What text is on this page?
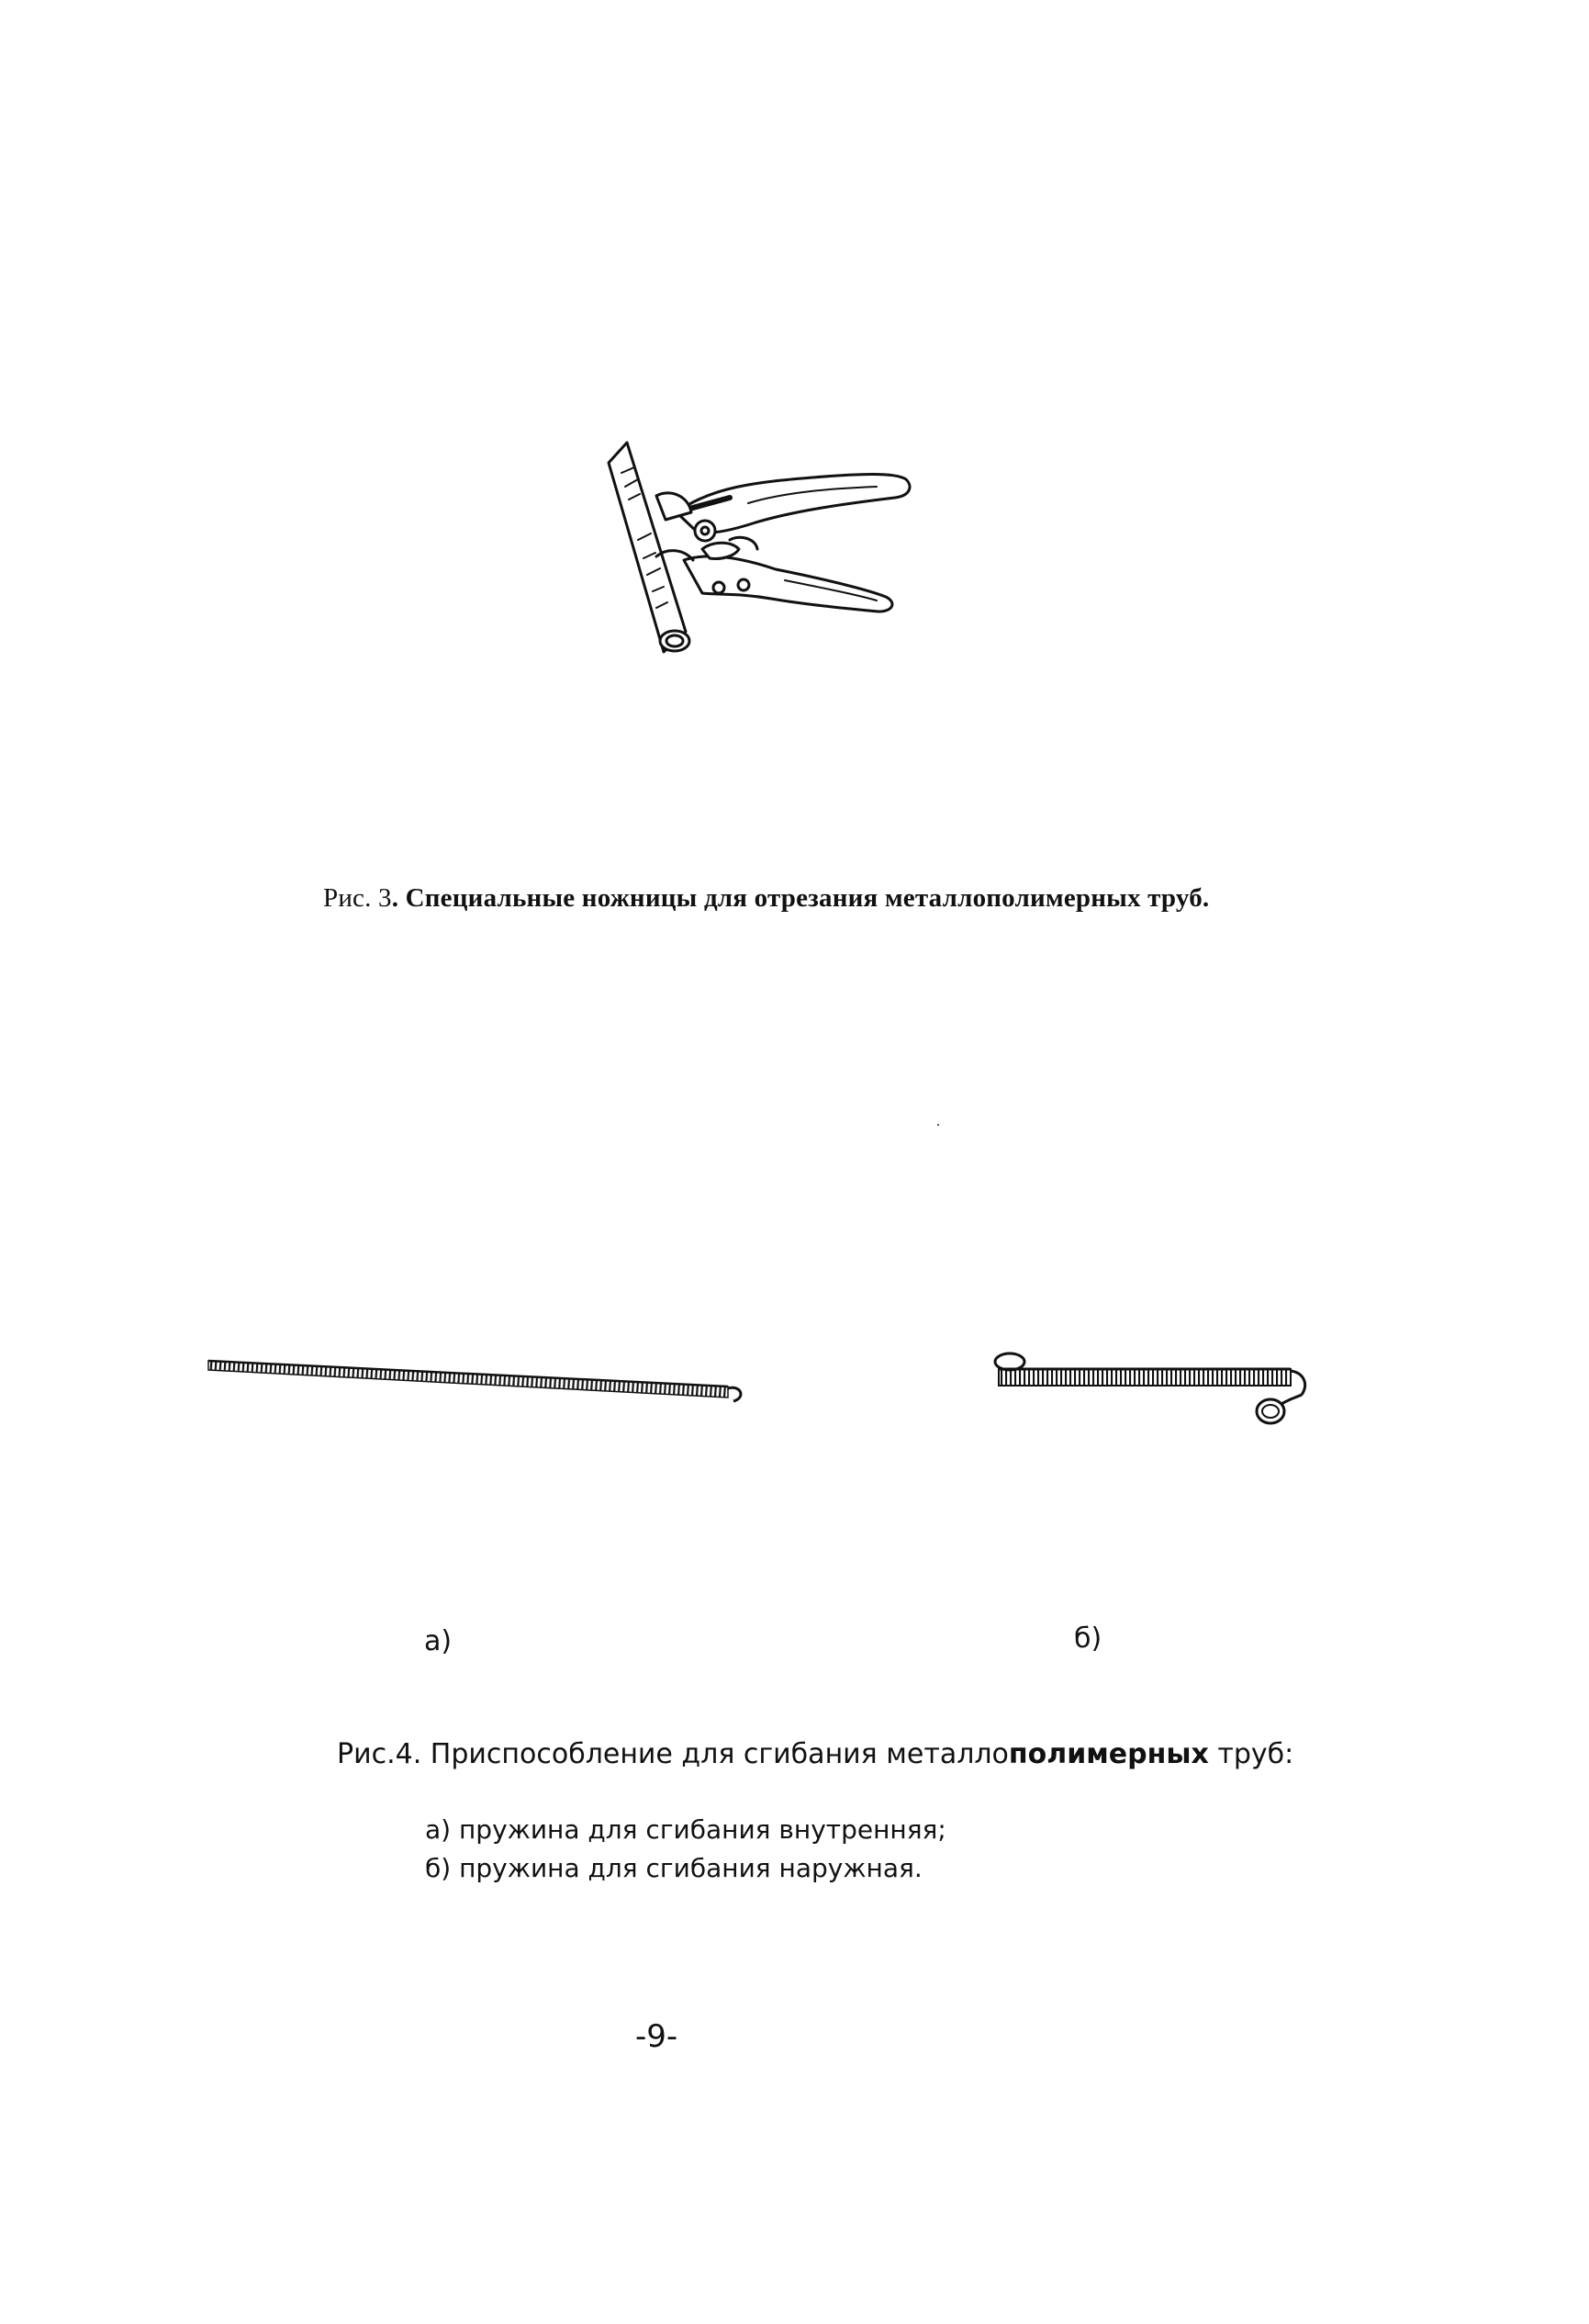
Рис. 3. Специальные ножницы для отрезания металлополимерных труб.
а)	б)
Рис.4. Приспособление для сгибания металлополимерных труб:
а) пружина для сгибания внутренняя;
б) пружина для сгибания наружная.
-9-
